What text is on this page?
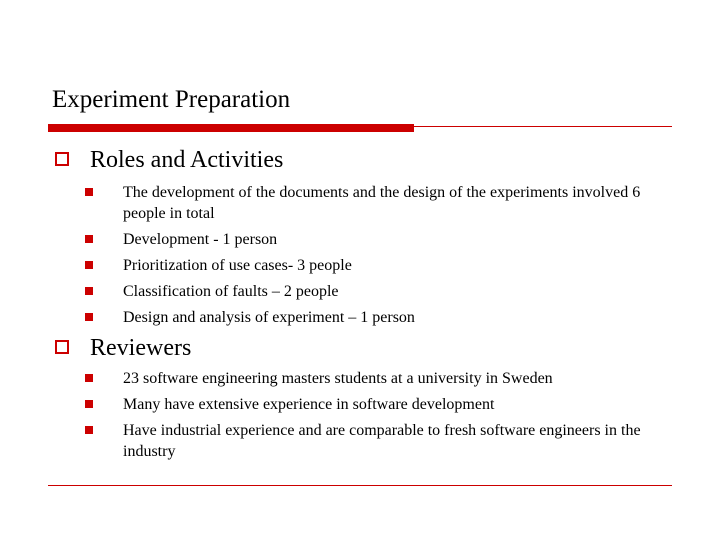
Experiment Preparation
Roles and Activities
The development of the documents and the design of the experiments involved 6 people in total
Development - 1 person
Prioritization of use cases- 3 people
Classification of faults – 2 people
Design and analysis of experiment – 1 person
Reviewers
23 software engineering masters students at a university in Sweden
Many have extensive experience in software development
Have industrial experience and are comparable to fresh software engineers in the industry
